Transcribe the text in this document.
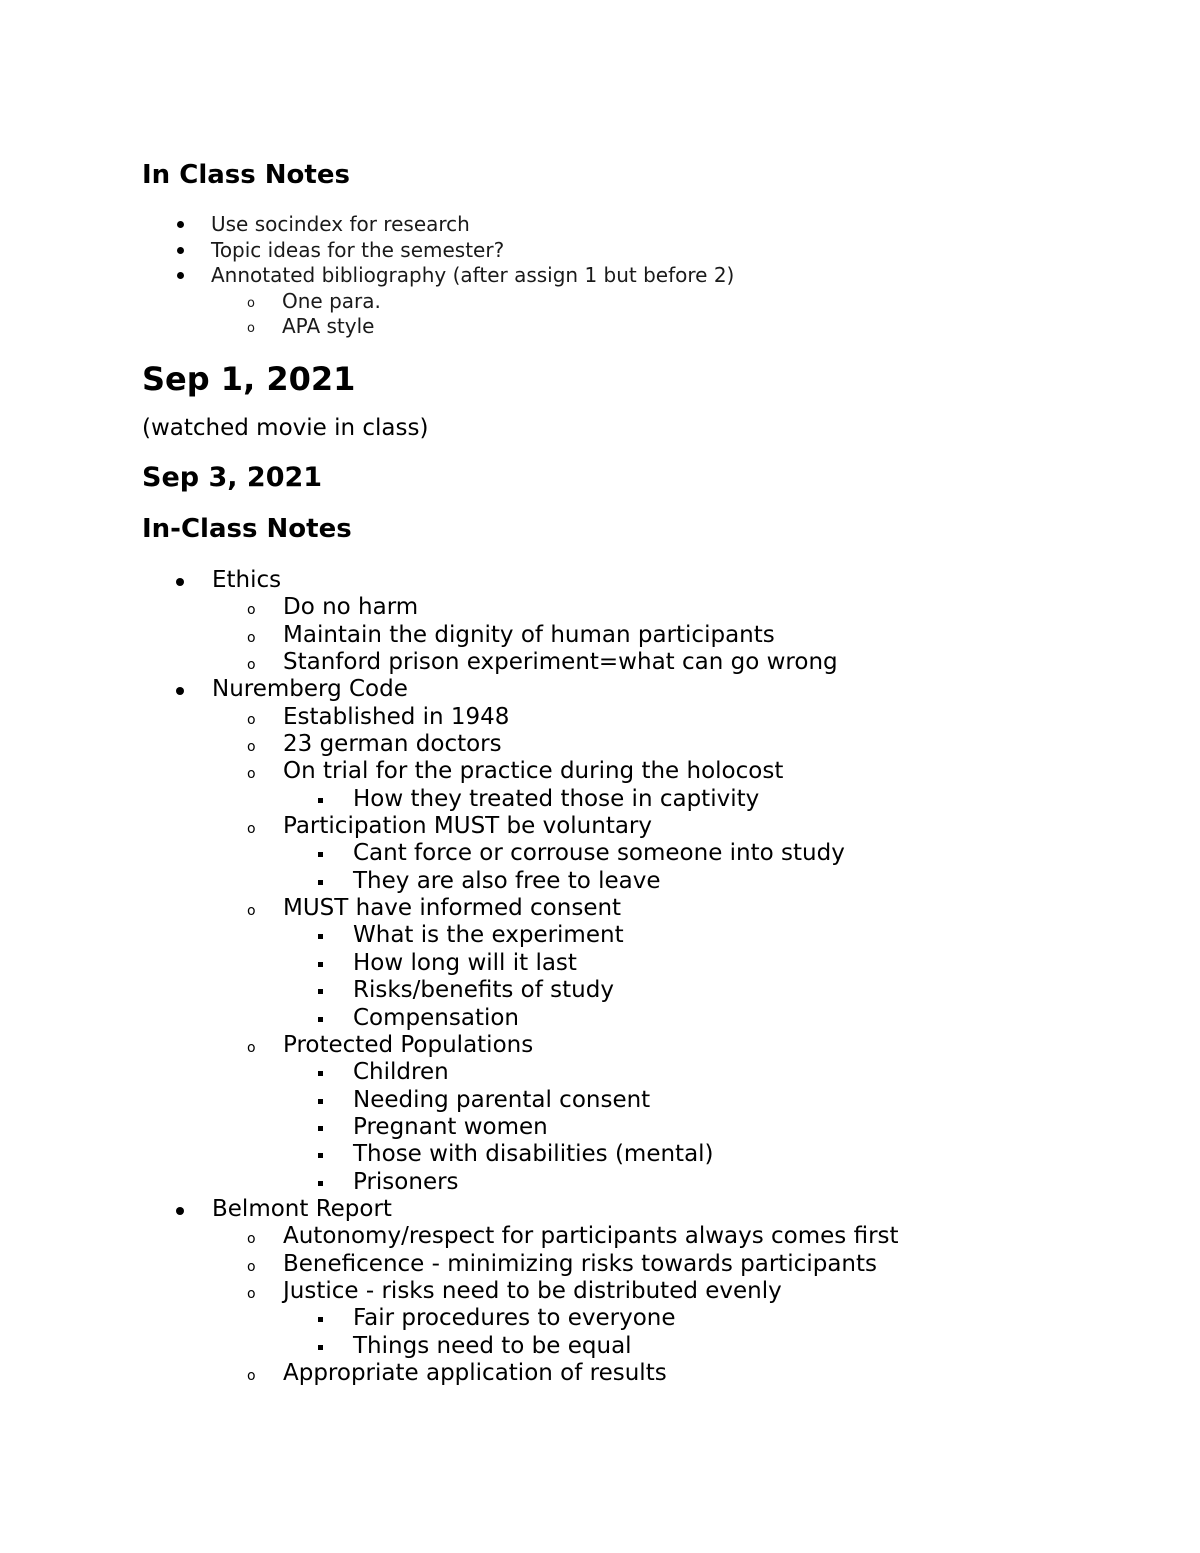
In Class Notes
• Use socindex for research
• Topic ideas for the semester?
• Annotated bibliography (after assign 1 but before 2)
• o One para.
• o APA style
Sep 1, 2021

(watched movie in class)

Sep 3, 2021
In-Class Notes
• Ethics
• o Do no harm
• o Maintain the dignity of human participants
• o Stanford prison experiment=what can go wrong
• Nuremberg Code
• o Established in 1948
• o 23 german doctors
• o On trial for the practice during the holocost
• How they treated those in captivity
• o Participation MUST be voluntary
• Cant force or corrouse someone into study
• They are also free to leave
• o MUST have informed consent
• What is the experiment
• How long will it last
• Risks/benefits of study
• Compensation
• o Protected Populations
• Children
• Needing parental consent
• Pregnant women
• Those with disabilities (mental)
• Prisoners
• Belmont Report
• o Autonomy/respect for participants always comes first
• o Beneficence - minimizing risks towards participants
• o Justice - risks need to be distributed evenly
• Fair procedures to everyone
• Things need to be equal
• o Appropriate application of results
